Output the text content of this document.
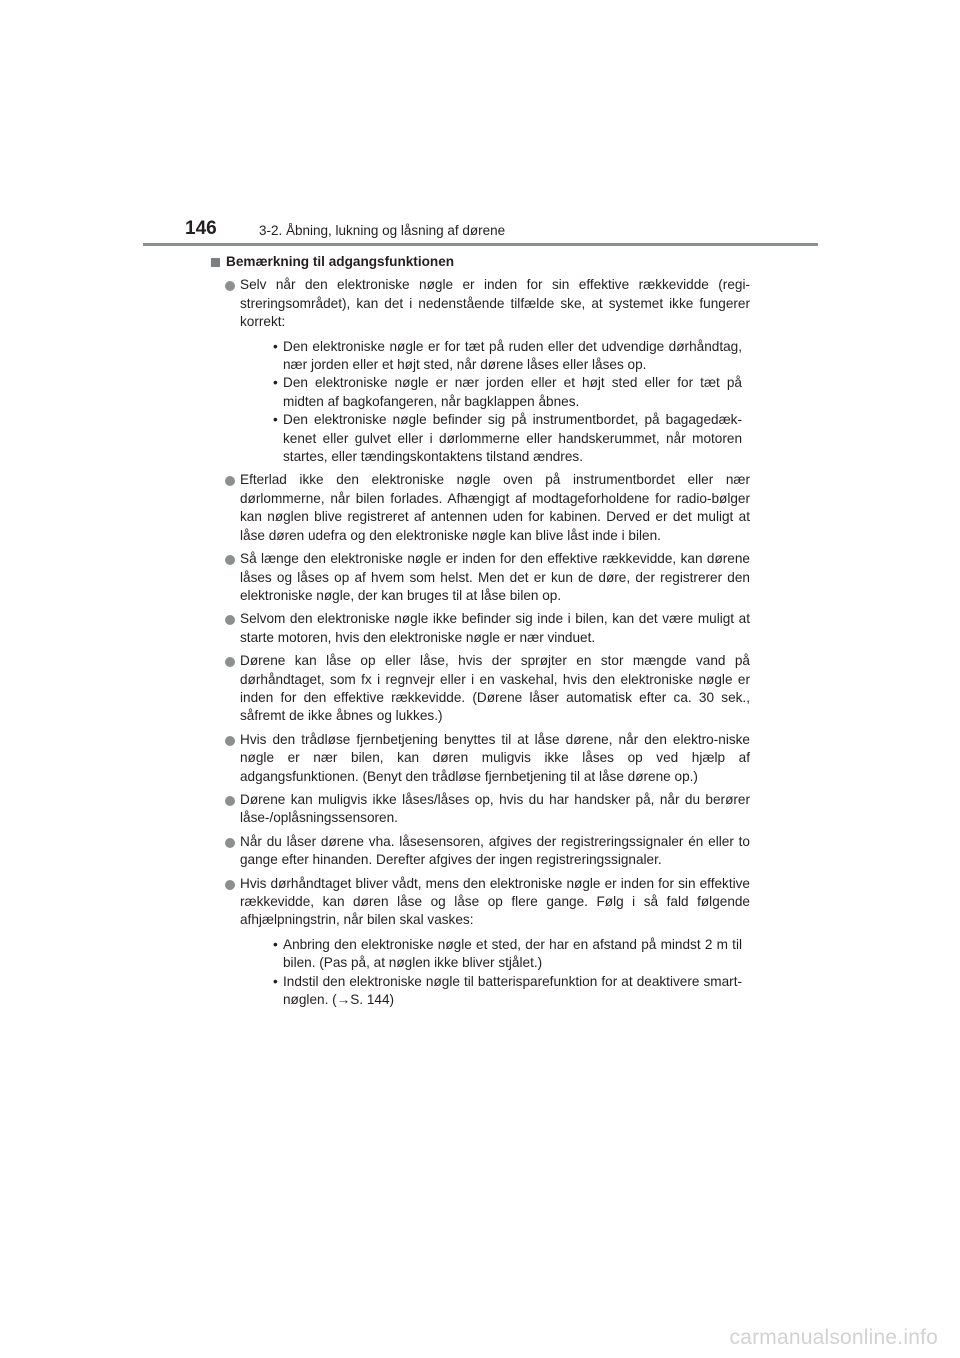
146	3-2. Åbning, lukning og låsning af dørene
Bemærkning til adgangsfunktionen
Selv når den elektroniske nøgle er inden for sin effektive rækkevidde (regi-streringsområdet), kan det i nedenstående tilfælde ske, at systemet ikke fungerer korrekt:
• Den elektroniske nøgle er for tæt på ruden eller det udvendige dørhåndtag, nær jorden eller et højt sted, når dørene låses eller låses op.
• Den elektroniske nøgle er nær jorden eller et højt sted eller for tæt på midten af bagkofangeren, når bagklappen åbnes.
• Den elektroniske nøgle befinder sig på instrumentbordet, på bagagedæk-kenet eller gulvet eller i dørlommerne eller handskerummet, når motoren startes, eller tændingskontaktens tilstand ændres.
Efterlad ikke den elektroniske nøgle oven på instrumentbordet eller nær dørlommerne, når bilen forlades. Afhængigt af modtageforholdene for radio-bølger kan nøglen blive registreret af antennen uden for kabinen. Derved er det muligt at låse døren udefra og den elektroniske nøgle kan blive låst inde i bilen.
Så længe den elektroniske nøgle er inden for den effektive rækkevidde, kan dørene låses og låses op af hvem som helst. Men det er kun de døre, der registrerer den elektroniske nøgle, der kan bruges til at låse bilen op.
Selvom den elektroniske nøgle ikke befinder sig inde i bilen, kan det være muligt at starte motoren, hvis den elektroniske nøgle er nær vinduet.
Dørene kan låse op eller låse, hvis der sprøjter en stor mængde vand på dørhåndtaget, som fx i regnvejr eller i en vaskehal, hvis den elektroniske nøgle er inden for den effektive rækkevidde. (Dørene låser automatisk efter ca. 30 sek., såfremt de ikke åbnes og lukkes.)
Hvis den trådløse fjernbetjening benyttes til at låse dørene, når den elektro-niske nøgle er nær bilen, kan døren muligvis ikke låses op ved hjælp af adgangsfunktionen. (Benyt den trådløse fjernbetjening til at låse dørene op.)
Dørene kan muligvis ikke låses/låses op, hvis du har handsker på, når du berører låse-/oplåsningssensoren.
Når du låser dørene vha. låsesensoren, afgives der registreringssignaler én eller to gange efter hinanden. Derefter afgives der ingen registreringssignaler.
Hvis dørhåndtaget bliver vådt, mens den elektroniske nøgle er inden for sin effektive rækkevidde, kan døren låse og låse op flere gange. Følg i så fald følgende afhjælpningstrin, når bilen skal vaskes:
• Anbring den elektroniske nøgle et sted, der har en afstand på mindst 2 m til bilen. (Pas på, at nøglen ikke bliver stjålet.)
• Indstil den elektroniske nøgle til batterisparefunktion for at deaktivere smart-nøglen. (→S. 144)
carmanualsonline.info
